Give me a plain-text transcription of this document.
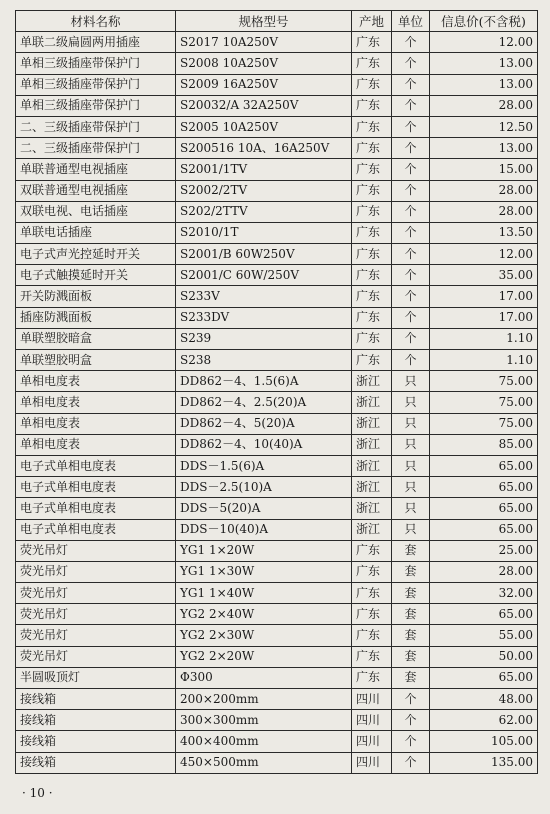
材料名称	规格型号	产地	单位	信息价(不含税)
单联二级扁圆两用插座	S2017 10A250V	广东	个	12.00
单相三级插座带保护门	S2008 10A250V	广东	个	13.00
单相三级插座带保护门	S2009 16A250V	广东	个	13.00
单相三级插座带保护门	S20032/A 32A250V	广东	个	28.00
二、三级插座带保护门	S2005 10A250V	广东	个	12.50
二、三级插座带保护门	S200516 10A、16A250V	广东	个	13.00
单联普通型电视插座	S2001/1TV	广东	个	15.00
双联普通型电视插座	S2002/2TV	广东	个	28.00
双联电视、电话插座	S202/2TTV	广东	个	28.00
单联电话插座	S2010/1T	广东	个	13.50
电子式声光控延时开关	S2001/B 60W250V	广东	个	12.00
电子式触摸延时开关	S2001/C 60W/250V	广东	个	35.00
开关防溅面板	S233V	广东	个	17.00
插座防溅面板	S233DV	广东	个	17.00
单联塑胶暗盒	S239	广东	个	1.10
单联塑胶明盒	S238	广东	个	1.10
单相电度表	DD862－4、1.5(6)A	浙江	只	75.00
单相电度表	DD862－4、2.5(20)A	浙江	只	75.00
单相电度表	DD862－4、5(20)A	浙江	只	75.00
单相电度表	DD862－4、10(40)A	浙江	只	85.00
电子式单相电度表	DDS－1.5(6)A	浙江	只	65.00
电子式单相电度表	DDS－2.5(10)A	浙江	只	65.00
电子式单相电度表	DDS－5(20)A	浙江	只	65.00
电子式单相电度表	DDS－10(40)A	浙江	只	65.00
荧光吊灯	YG1 1×20W	广东	套	25.00
荧光吊灯	YG1 1×30W	广东	套	28.00
荧光吊灯	YG1 1×40W	广东	套	32.00
荧光吊灯	YG2 2×40W	广东	套	65.00
荧光吊灯	YG2 2×30W	广东	套	55.00
荧光吊灯	YG2 2×20W	广东	套	50.00
半圆吸顶灯	Φ300	广东	套	65.00
接线箱	200×200mm	四川	个	48.00
接线箱	300×300mm	四川	个	62.00
接线箱	400×400mm	四川	个	105.00
接线箱	450×500mm	四川	个	135.00
· 10 ·
